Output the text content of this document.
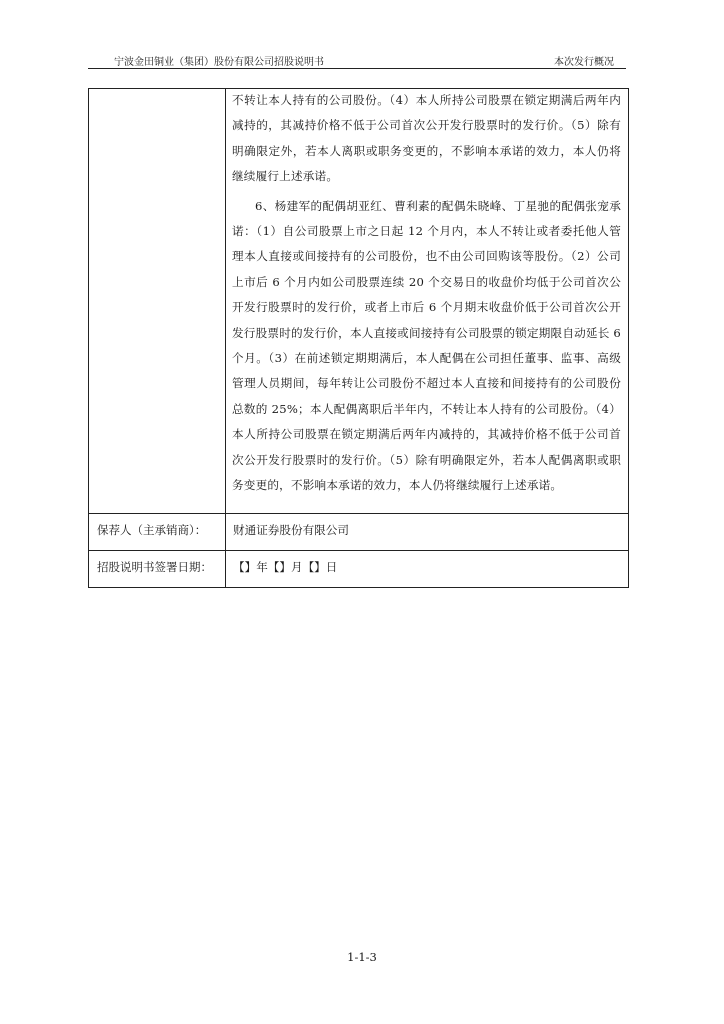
宁波金田铜业（集团）股份有限公司招股说明书	本次发行概况

	不转让本人持有的公司股份。（4）本人所持公司股票在锁定期满后两年内减持的，其减持价格不低于公司首次公开发行股票时的发行价。（5）除有明确限定外，若本人离职或职务变更的，不影响本承诺的效力，本人仍将继续履行上述承诺。

6、杨建军的配偶胡亚红、曹利素的配偶朱晓峰、丁星驰的配偶张宠承诺：（1）自公司股票上市之日起 12 个月内，本人不转让或者委托他人管理本人直接或间接持有的公司股份，也不由公司回购该等股份。（2）公司上市后 6 个月内如公司股票连续 20 个交易日的收盘价均低于公司首次公开发行股票时的发行价，或者上市后 6 个月期末收盘价低于公司首次公开发行股票时的发行价，本人直接或间接持有公司股票的锁定期限自动延长 6 个月。（3）在前述锁定期期满后，本人配偶在公司担任董事、监事、高级管理人员期间，每年转让公司股份不超过本人直接和间接持有的公司股份总数的 25%；本人配偶离职后半年内，不转让本人持有的公司股份。（4）本人所持公司股票在锁定期满后两年内减持的，其减持价格不低于公司首次公开发行股票时的发行价。（5）除有明确限定外，若本人配偶离职或职务变更的，不影响本承诺的效力，本人仍将继续履行上述承诺。

保荐人（主承销商）：	财通证券股份有限公司
招股说明书签署日期：	【】年【】月【】日
1-1-3
